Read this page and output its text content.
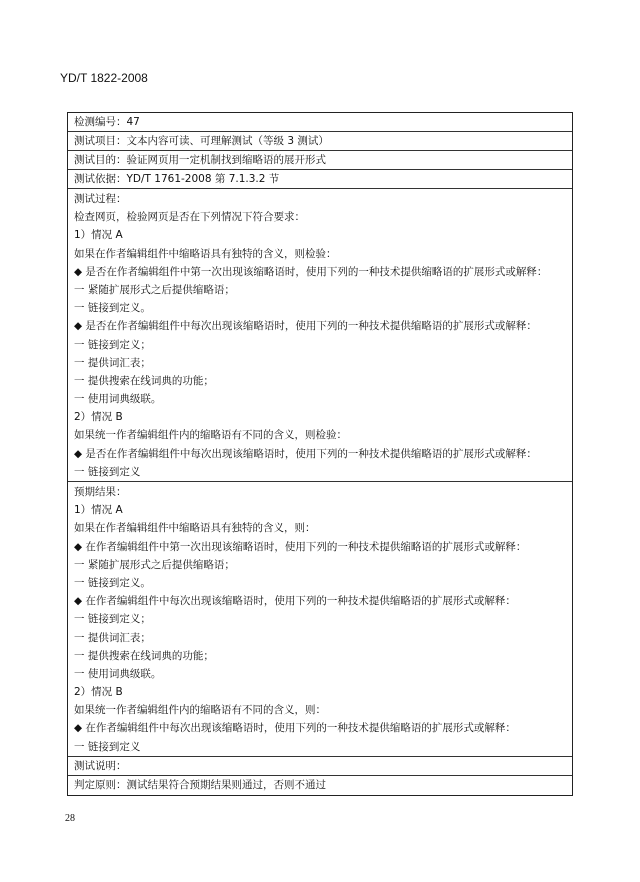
YD/T 1822-2008
检测编号：47
测试项目：文本内容可读、可理解测试（等级 3 测试）
测试目的：验证网页用一定机制找到缩略语的展开形式
测试依据：YD/T 1761-2008 第 7.1.3.2 节
测试过程：
检查网页，检验网页是否在下列情况下符合要求：
1）情况 A
如果在作者编辑组件中缩略语具有独特的含义，则检验：
◆ 是否在作者编辑组件中第一次出现该缩略语时，使用下列的一种技术提供缩略语的扩展形式或解释：
一 紧随扩展形式之后提供缩略语；
一 链接到定义。
◆ 是否在作者编辑组件中每次出现该缩略语时，使用下列的一种技术提供缩略语的扩展形式或解释：
一 链接到定义；
一 提供词汇表；
一 提供搜索在线词典的功能；
一 使用词典级联。
2）情况 B
如果统一作者编辑组件内的缩略语有不同的含义，则检验：
◆ 是否在作者编辑组件中每次出现该缩略语时，使用下列的一种技术提供缩略语的扩展形式或解释：
一 链接到定义
预期结果：
1）情况 A
如果在作者编辑组件中缩略语具有独特的含义，则：
◆ 在作者编辑组件中第一次出现该缩略语时，使用下列的一种技术提供缩略语的扩展形式或解释：
一 紧随扩展形式之后提供缩略语；
一 链接到定义。
◆ 在作者编辑组件中每次出现该缩略语时，使用下列的一种技术提供缩略语的扩展形式或解释：
一 链接到定义；
一 提供词汇表；
一 提供搜索在线词典的功能；
一 使用词典级联。
2）情况 B
如果统一作者编辑组件内的缩略语有不同的含义，则：
◆ 在作者编辑组件中每次出现该缩略语时，使用下列的一种技术提供缩略语的扩展形式或解释：
一 链接到定义
测试说明：
判定原则：测试结果符合预期结果则通过，否则不通过
28
